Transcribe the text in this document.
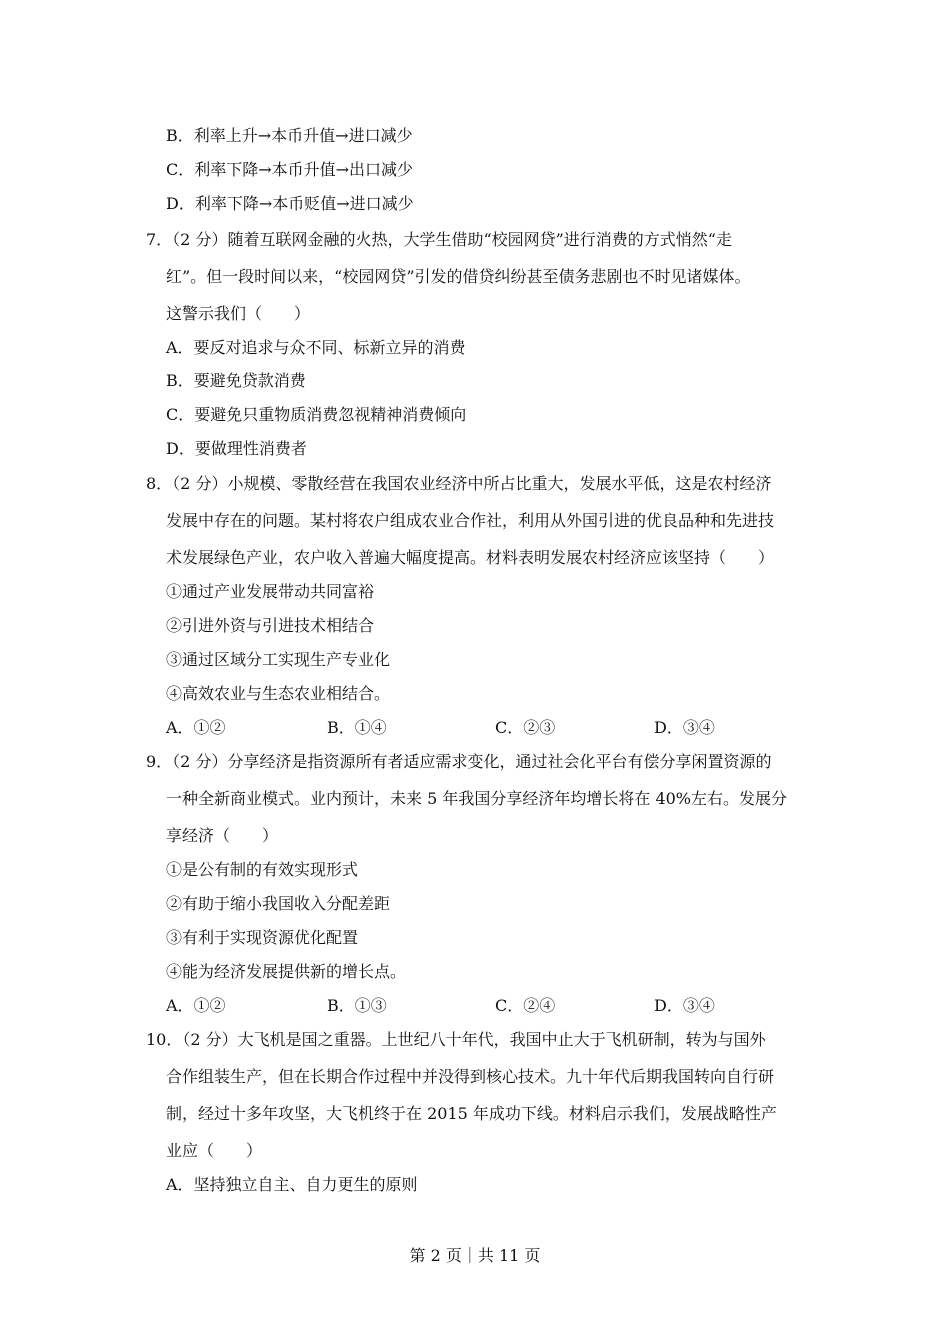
B．利率上升→本币升值→进口减少
C．利率下降→本币升值→出口减少
D．利率下降→本币贬值→进口减少
7．（2 分）随着互联网金融的火热，大学生借助“校园网贷”进行消费的方式悄然“走
红”。但一段时间以来，“校园网贷”引发的借贷纠纷甚至债务悲剧也不时见诸媒体。
这警示我们（　　）
A．要反对追求与众不同、标新立异的消费
B．要避免贷款消费
C．要避免只重物质消费忽视精神消费倾向
D．要做理性消费者
8．（2 分）小规模、零散经营在我国农业经济中所占比重大，发展水平低，这是农村经济
发展中存在的问题。某村将农户组成农业合作社，利用从外国引进的优良品种和先进技
术发展绿色产业，农户收入普遍大幅度提高。材料表明发展农村经济应该坚持（　　）
①通过产业发展带动共同富裕
②引进外资与引进技术相结合
③通过区域分工实现生产专业化
④高效农业与生态农业相结合。
A．①②	B．①④	C．②③	D．③④
9．（2 分）分享经济是指资源所有者适应需求变化，通过社会化平台有偿分享闲置资源的
一种全新商业模式。业内预计，未来 5 年我国分享经济年均增长将在 40%左右。发展分
享经济（　　）
①是公有制的有效实现形式
②有助于缩小我国收入分配差距
③有利于实现资源优化配置
④能为经济发展提供新的增长点。
A．①②	B．①③	C．②④	D．③④
10．（2 分）大飞机是国之重器。上世纪八十年代，我国中止大于飞机研制，转为与国外
合作组装生产，但在长期合作过程中并没得到核心技术。九十年代后期我国转向自行研
制，经过十多年攻坚，大飞机终于在 2015 年成功下线。材料启示我们，发展战略性产
业应（　　）
A．坚持独立自主、自力更生的原则
第 2 页｜共 11 页
